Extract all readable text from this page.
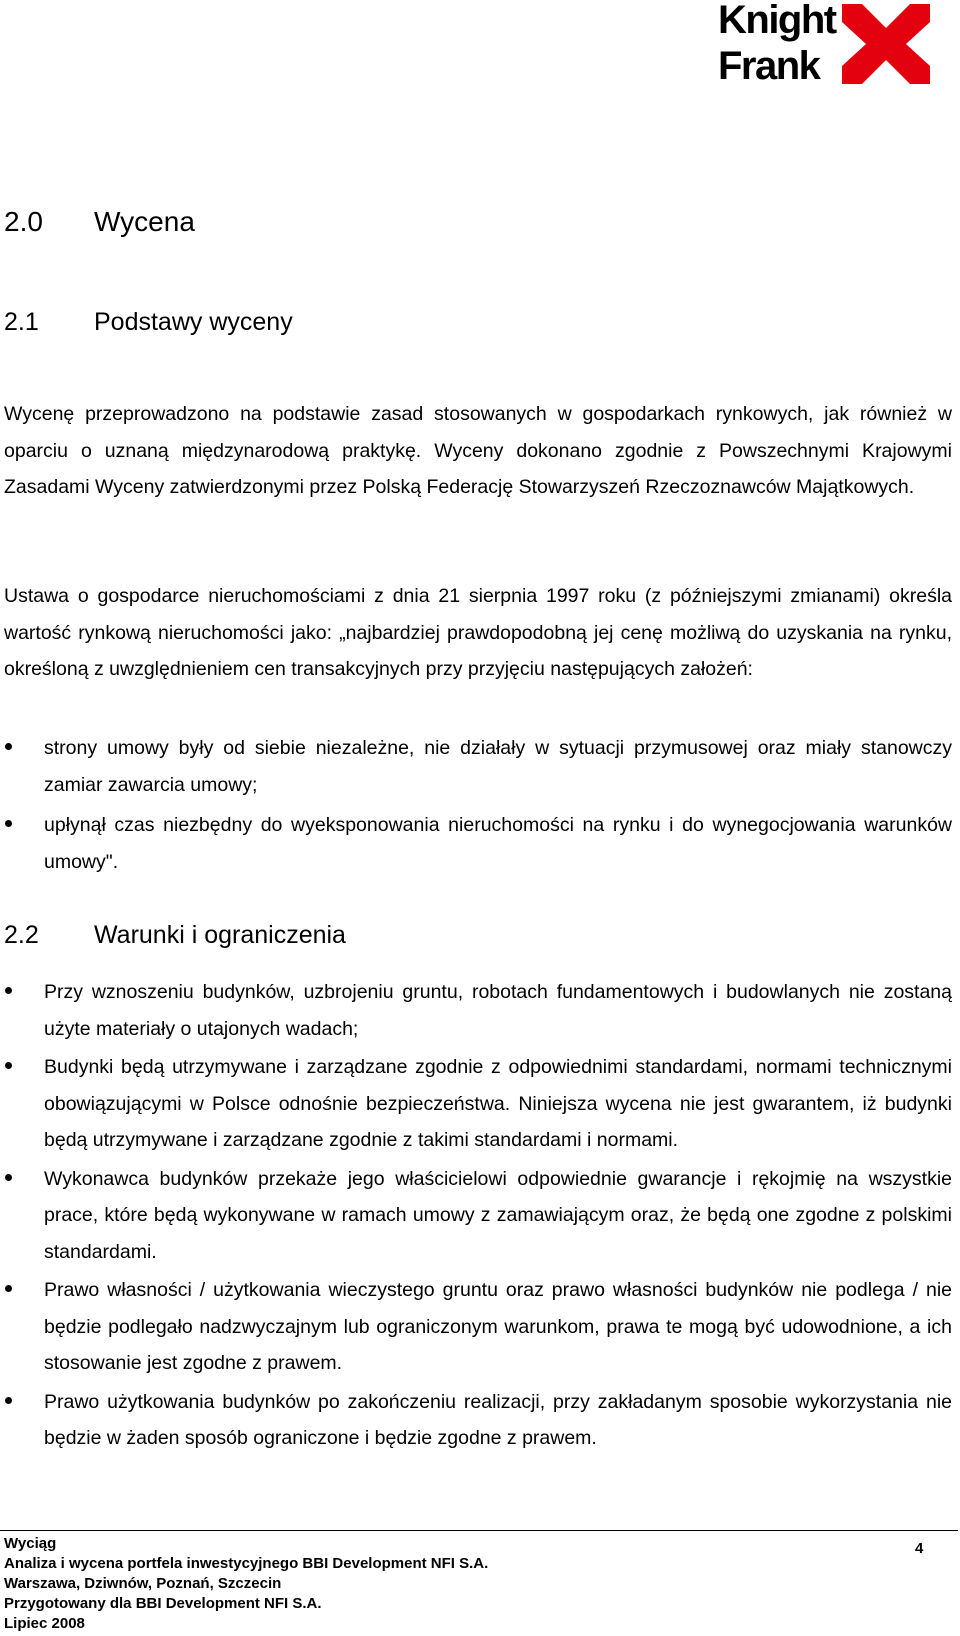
Knight
Frank
2.0 Wycena
2.1 Podstawy wyceny

Wycenę przeprowadzono na podstawie zasad stosowanych w gospodarkach rynkowych, jak również w oparciu o uznaną międzynarodową praktykę. Wyceny dokonano zgodnie z Powszechnymi Krajowymi Zasadami Wyceny zatwierdzonymi przez Polską Federację Stowarzyszeń Rzeczoznawców Majątkowych.

Ustawa o gospodarce nieruchomościami z dnia 21 sierpnia 1997 roku (z późniejszymi zmianami) określa wartość rynkową nieruchomości jako: „najbardziej prawdopodobną jej cenę możliwą do uzyskania na rynku, określoną z uwzględnieniem cen transakcyjnych przy przyjęciu następujących założeń:

strony umowy były od siebie niezależne, nie działały w sytuacji przymusowej oraz miały stanowczy zamiar zawarcia umowy;
upłynął czas niezbędny do wyeksponowania nieruchomości na rynku i do wynegocjowania warunków umowy".
2.2 Warunki i ograniczenia
Przy wznoszeniu budynków, uzbrojeniu gruntu, robotach fundamentowych i budowlanych nie zostaną użyte materiały o utajonych wadach;
Budynki będą utrzymywane i zarządzane zgodnie z odpowiednimi standardami, normami technicznymi obowiązującymi w Polsce odnośnie bezpieczeństwa. Niniejsza wycena nie jest gwarantem, iż budynki będą utrzymywane i zarządzane zgodnie z takimi standardami i normami.
Wykonawca budynków przekaże jego właścicielowi odpowiednie gwarancje i rękojmię na wszystkie prace, które będą wykonywane w ramach umowy z zamawiającym oraz, że będą one zgodne z polskimi standardami.
Prawo własności / użytkowania wieczystego gruntu oraz prawo własności budynków nie podlega / nie będzie podlegało nadzwyczajnym lub ograniczonym warunkom, prawa te mogą być udowodnione, a ich stosowanie jest zgodne z prawem.
Prawo użytkowania budynków po zakończeniu realizacji, przy zakładanym sposobie wykorzystania nie będzie w żaden sposób ograniczone i będzie zgodne z prawem.
Wyciąg
Analiza i wycena portfela inwestycyjnego BBI Development NFI S.A.
Warszawa, Dziwnów, Poznań, Szczecin
Przygotowany dla BBI Development NFI S.A.
Lipiec 2008
4
